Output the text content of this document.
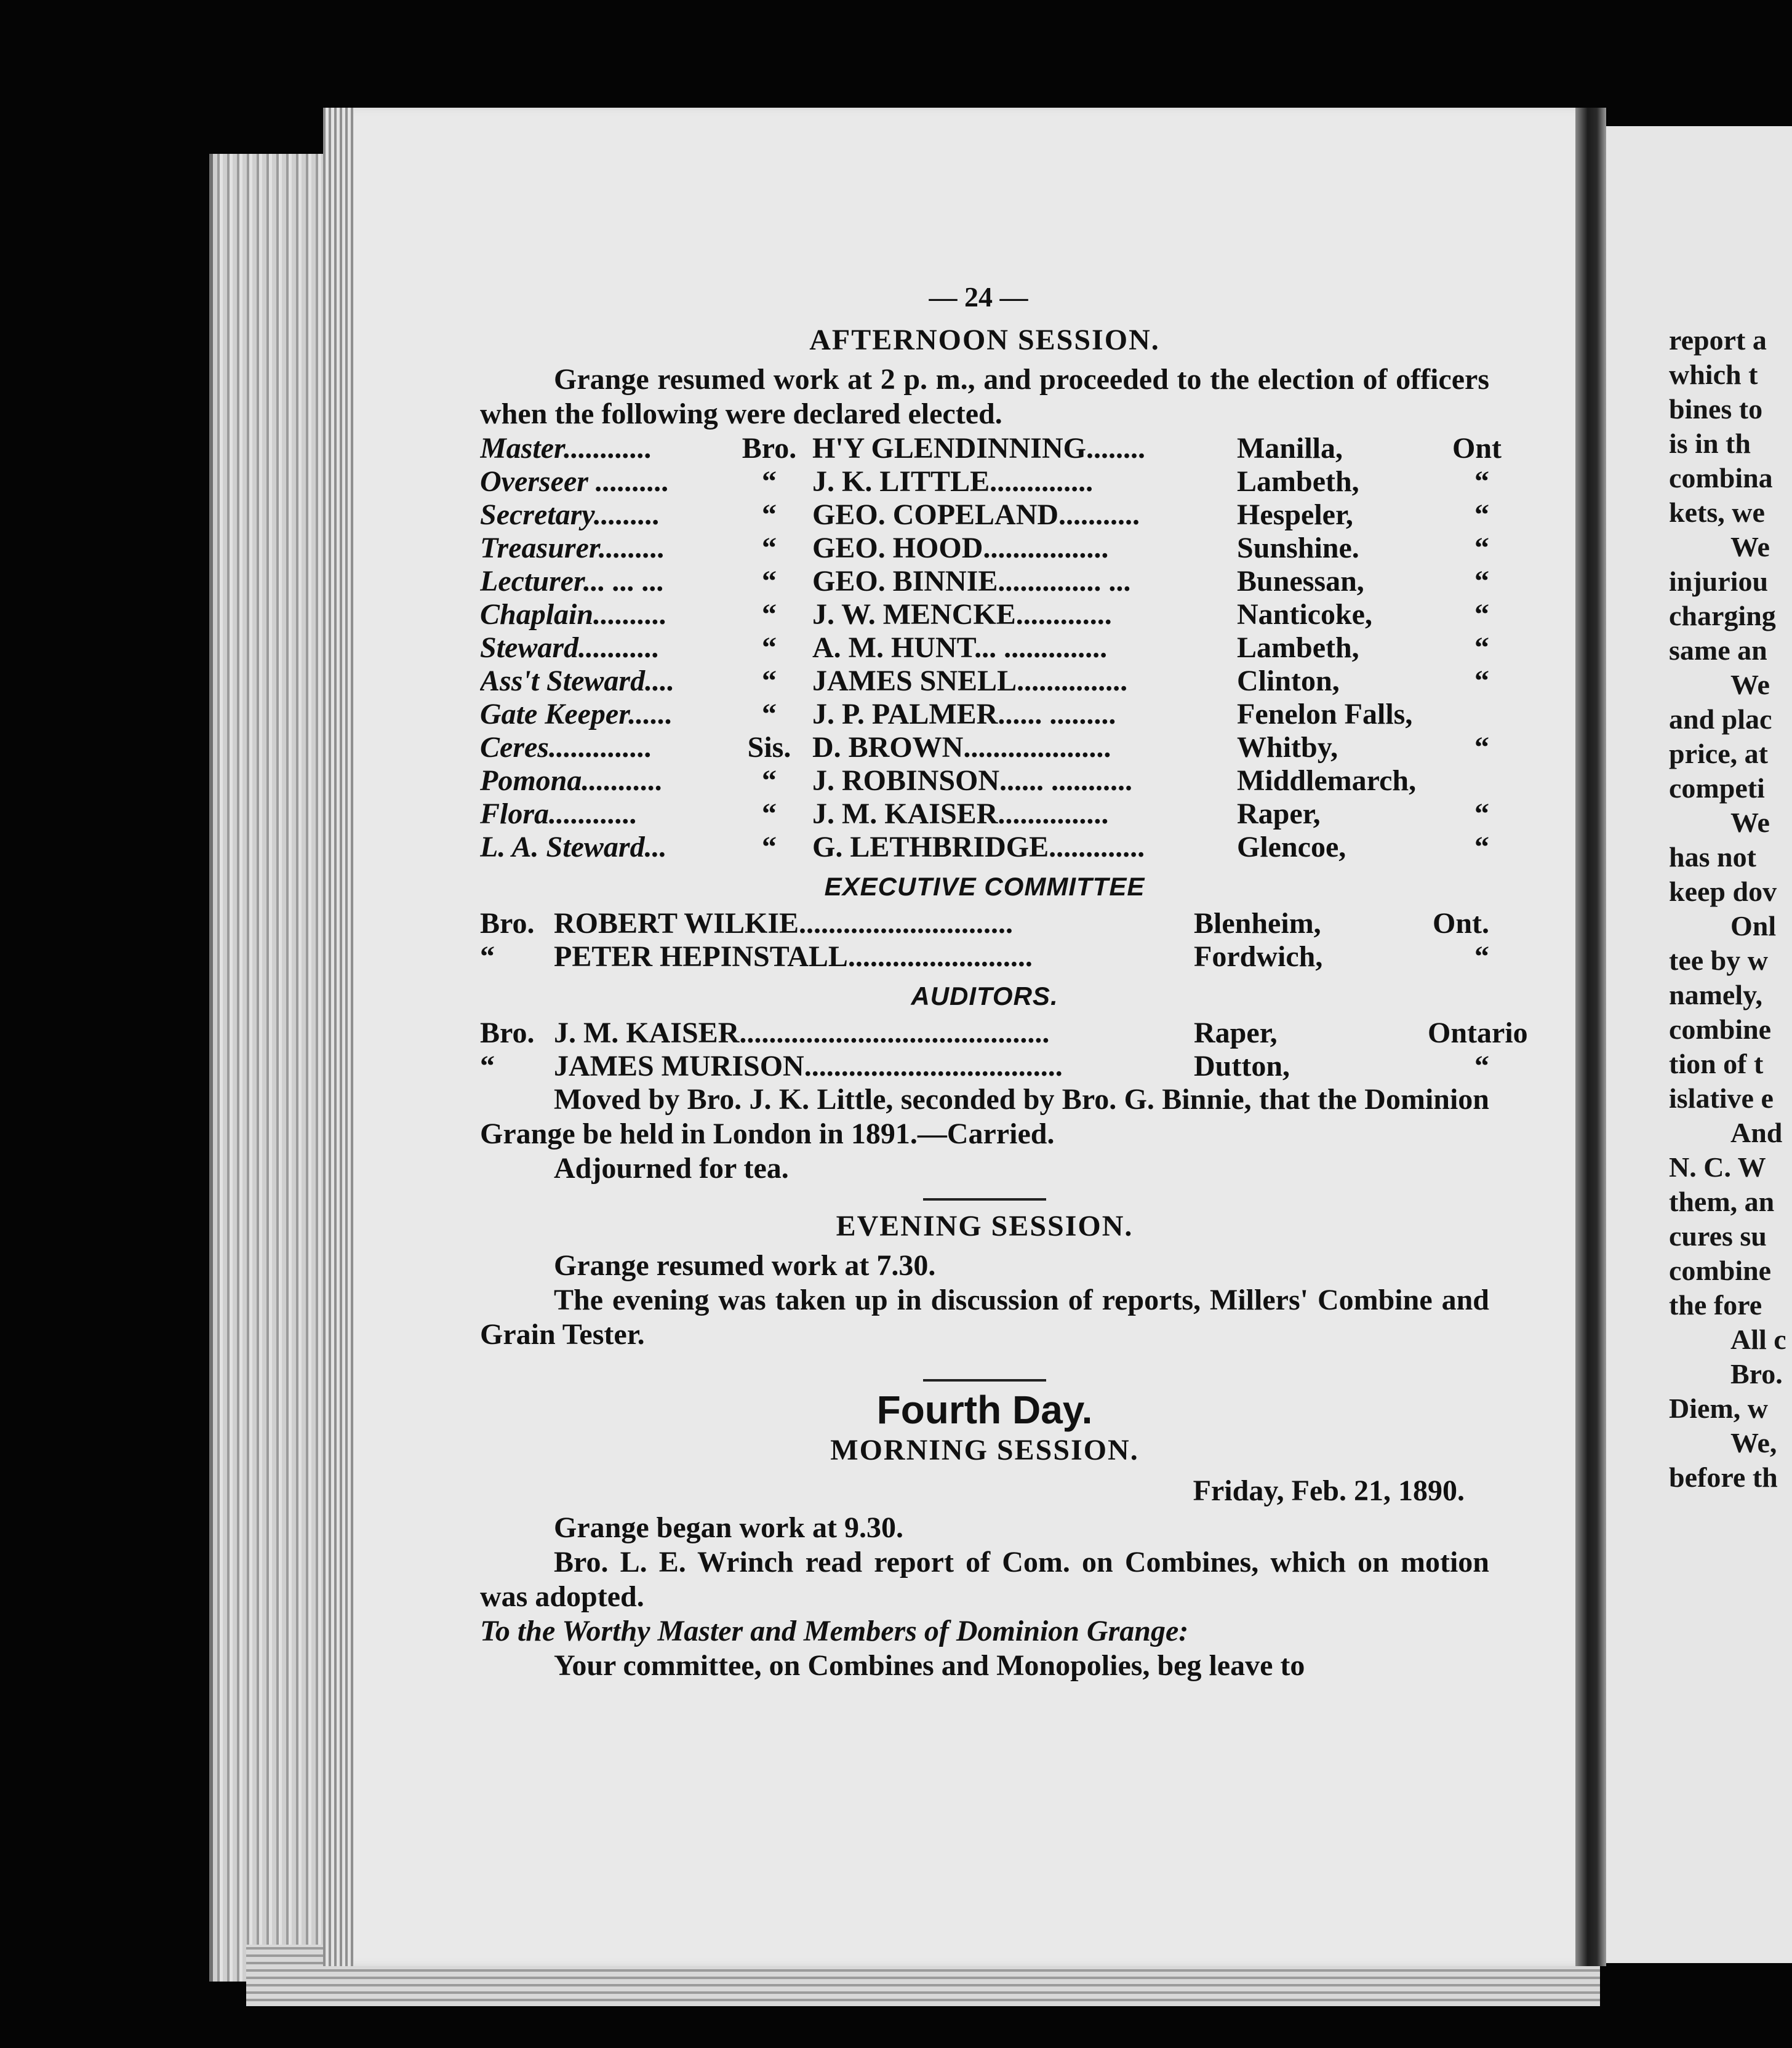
report a
which t
bines to
is in th
combina
kets, we
We
injuriou
charging
same an
We
and plac
price, at
competi
We
has not
keep dov
Onl
tee by w
namely,
combine
tion of t
islative e
And
N. C. W
them, an
cures su
combine
the fore
All c
Bro.
Diem, w
We,
before th
— 24 —
AFTERNOON SESSION.
Grange resumed work at 2 p. m., and proceeded to the election of officers when the following were declared elected.
Master............	Bro. H'Y GLENDINNING........	Manilla,	Ont
Overseer ..........	“	J. K. LITTLE..............	Lambeth,	“
Secretary.........	“	GEO. COPELAND...........	Hespeler,	“
Treasurer.........	“	GEO. HOOD.................	Sunshine.	“
Lecturer... ... ...	“	GEO. BINNIE.............. ...	Bunessan,	“
Chaplain..........	“	J. W. MENCKE.............	Nanticoke,	“
Steward...........	“	A. M. HUNT... ..............	Lambeth,	“
Ass't Steward....	“	JAMES SNELL...............	Clinton,	“
Gate Keeper......	“	J. P. PALMER...... .........	Fenelon Falls,
Ceres..............	Sis. D. BROWN....................	Whitby,	“
Pomona...........	“	J. ROBINSON...... ...........	Middlemarch,
Flora............	“	J. M. KAISER...............	Raper,	“
L. A. Steward...	“	G. LETHBRIDGE.............	Glencoe,	“
EXECUTIVE COMMITTEE
Bro. ROBERT WILKIE.............................	Blenheim,	Ont.
“	PETER HEPINSTALL.........................	Fordwich,	“
AUDITORS.
Bro. J. M. KAISER..........................................	Raper,	Ontario
“	JAMES MURISON...................................	Dutton,	“
Moved by Bro. J. K. Little, seconded by Bro. G. Binnie, that the Dominion Grange be held in London in 1891.—Carried.
Adjourned for tea.
EVENING SESSION.
Grange resumed work at 7.30.
The evening was taken up in discussion of reports, Millers' Combine and Grain Tester.
Fourth Day.
MORNING SESSION.
Friday, Feb. 21, 1890.
Grange began work at 9.30.
Bro. L. E. Wrinch read report of Com. on Combines, which on motion was adopted.
To the Worthy Master and Members of Dominion Grange:
Your committee, on Combines and Monopolies, beg leave to
